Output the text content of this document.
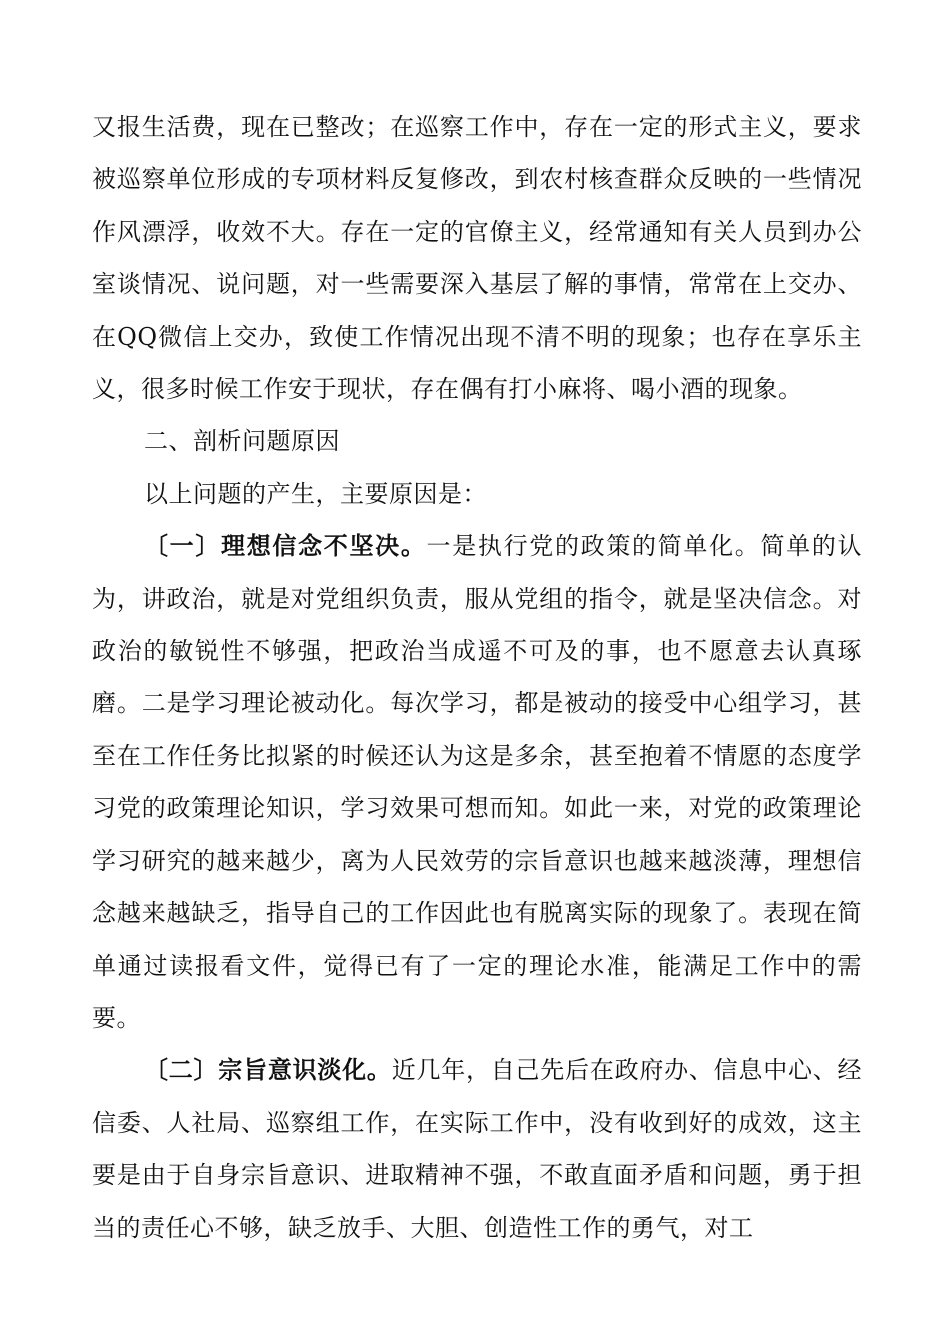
又报生活费，现在已整改；在巡察工作中，存在一定的形式主义，要求被巡察单位形成的专项材料反复修改，到农村核查群众反映的一些情况作风漂浮，收效不大。存在一定的官僚主义，经常通知有关人员到办公室谈情况、说问题，对一些需要深入基层了解的事情，常常在上交办、在QQ微信上交办，致使工作情况出现不清不明的现象；也存在享乐主义，很多时候工作安于现状，存在偶有打小麻将、喝小酒的现象。

二、剖析问题原因

以上问题的产生，主要原因是：

〔一〕理想信念不坚决。一是执行党的政策的简单化。简单的认为，讲政治，就是对党组织负责，服从党组的指令，就是坚决信念。对政治的敏锐性不够强，把政治当成遥不可及的事，也不愿意去认真琢磨。二是学习理论被动化。每次学习，都是被动的接受中心组学习，甚至在工作任务比拟紧的时候还认为这是多余，甚至抱着不情愿的态度学习党的政策理论知识，学习效果可想而知。如此一来，对党的政策理论学习研究的越来越少，离为人民效劳的宗旨意识也越来越淡薄，理想信念越来越缺乏，指导自己的工作因此也有脱离实际的现象了。表现在简单通过读报看文件，觉得已有了一定的理论水准，能满足工作中的需要。

〔二〕宗旨意识淡化。近几年，自己先后在政府办、信息中心、经信委、人社局、巡察组工作，在实际工作中，没有收到好的成效，这主要是由于自身宗旨意识、进取精神不强，不敢直面矛盾和问题，勇于担当的责任心不够，缺乏放手、大胆、创造性工作的勇气，对工
